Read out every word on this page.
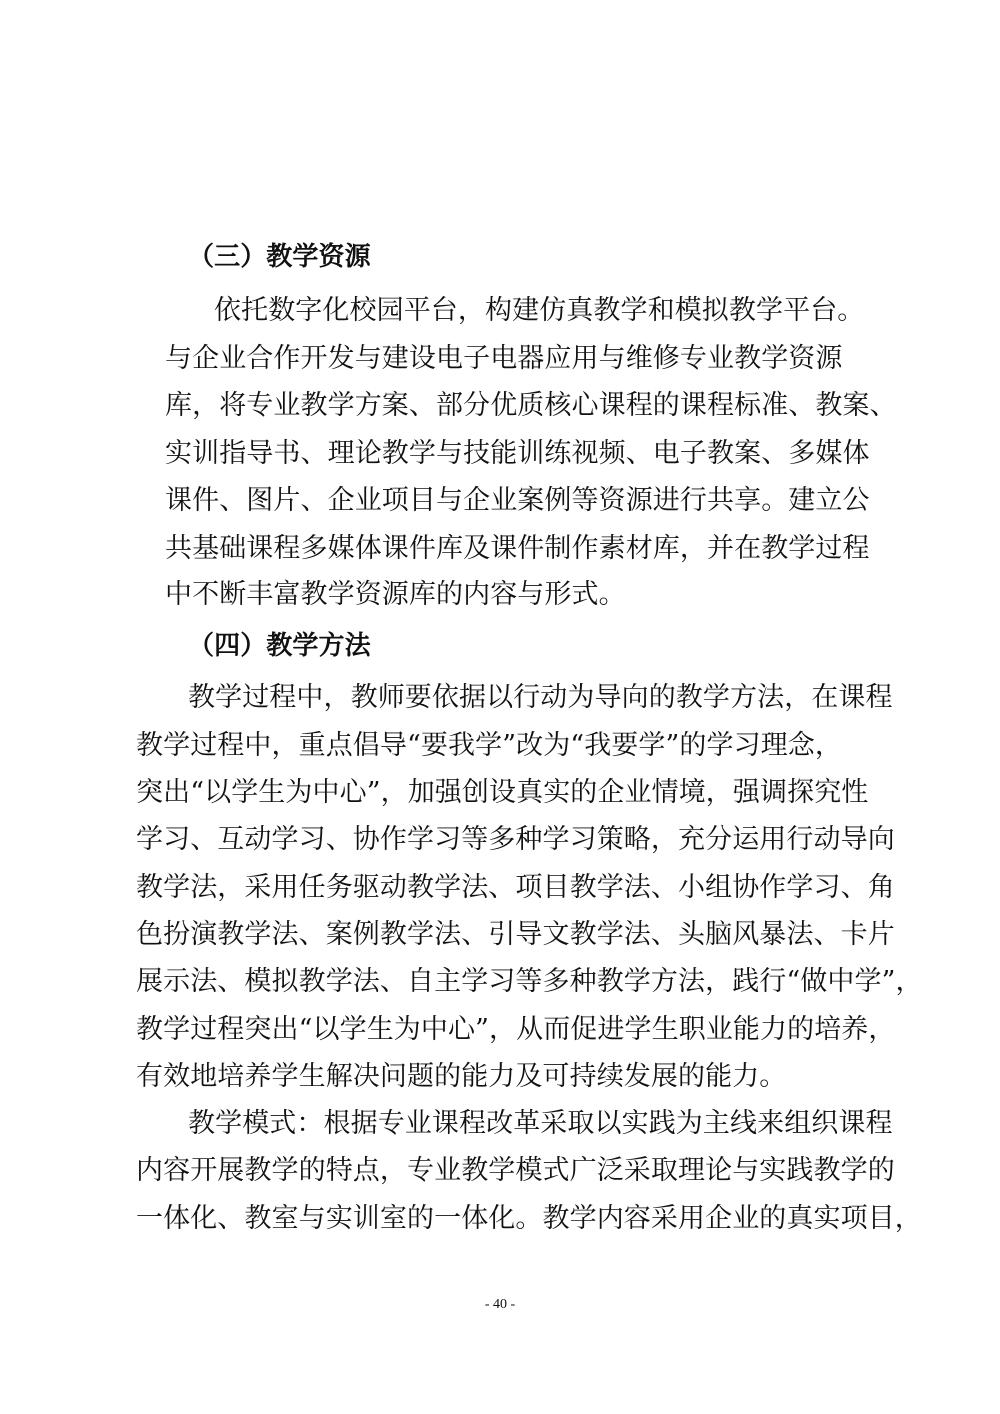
（三）教学资源
依托数字化校园平台，构建仿真教学和模拟教学平台。
与企业合作开发与建设电子电器应用与维修专业教学资源
库，将专业教学方案、部分优质核心课程的课程标准、教案、
实训指导书、理论教学与技能训练视频、电子教案、多媒体
课件、图片、企业项目与企业案例等资源进行共享。建立公
共基础课程多媒体课件库及课件制作素材库，并在教学过程
中不断丰富教学资源库的内容与形式。
（四）教学方法
教学过程中，教师要依据以行动为导向的教学方法，在课程
教学过程中，重点倡导“要我学”改为“我要学”的学习理念，
突出“以学生为中心”，加强创设真实的企业情境，强调探究性
学习、互动学习、协作学习等多种学习策略，充分运用行动导向
教学法，采用任务驱动教学法、项目教学法、小组协作学习、角
色扮演教学法、案例教学法、引导文教学法、头脑风暴法、卡片
展示法、模拟教学法、自主学习等多种教学方法，践行“做中学”，
教学过程突出“以学生为中心”，从而促进学生职业能力的培养，
有效地培养学生解决问题的能力及可持续发展的能力。
教学模式：根据专业课程改革采取以实践为主线来组织课程
内容开展教学的特点，专业教学模式广泛采取理论与实践教学的
一体化、教室与实训室的一体化。教学内容采用企业的真实项目，
- 40 -
